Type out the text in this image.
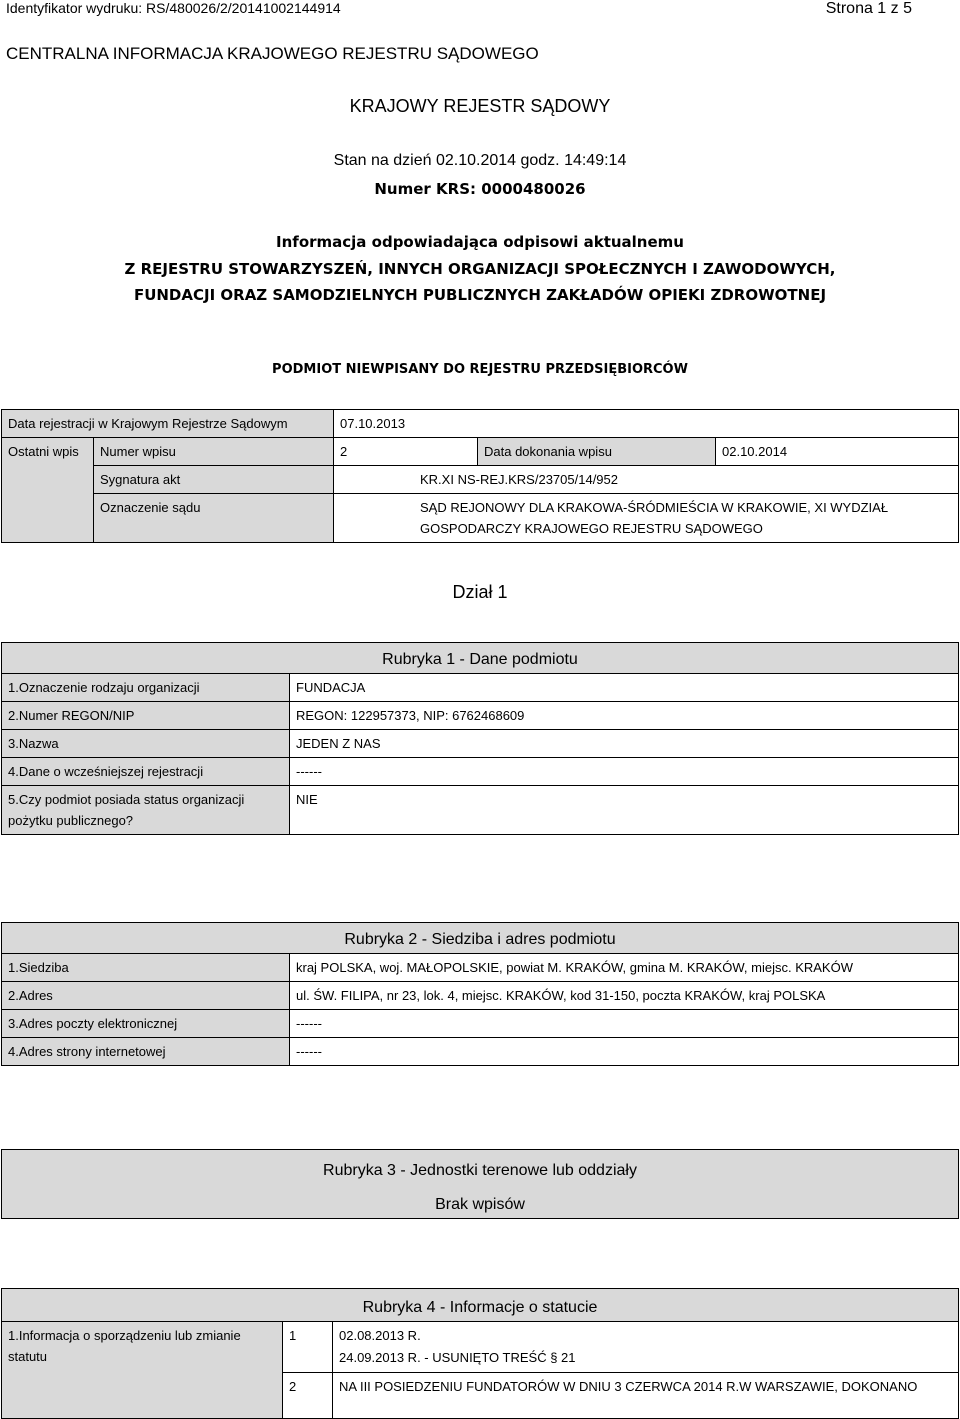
Identyfikator wydruku: RS/480026/2/20141002144914	Strona 1 z 5
CENTRALNA INFORMACJA KRAJOWEGO REJESTRU SĄDOWEGO
KRAJOWY REJESTR SĄDOWY
Stan na dzień 02.10.2014 godz. 14:49:14
Numer KRS: 0000480026
Informacja odpowiadająca odpisowi aktualnemu
Z REJESTRU STOWARZYSZEŃ, INNYCH ORGANIZACJI SPOŁECZNYCH I ZAWODOWYCH,
FUNDACJI ORAZ SAMODZIELNYCH PUBLICZNYCH ZAKŁADÓW OPIEKI ZDROWOTNEJ
PODMIOT NIEWPISANY DO REJESTRU PRZEDSIĘBIORCÓW
Data rejestracji w Krajowym Rejestrze Sądowym		07.10.2013		
Ostatni wpis	Numer wpisu	2	Data dokonania wpisu	02.10.2014
	Sygnatura akt	KR.XI NS-REJ.KRS/23705/14/952		
	Oznaczenie sądu	SĄD REJONOWY DLA KRAKOWA-ŚRÓDMIEŚCIA W KRAKOWIE, XI WYDZIAŁ GOSPODARCZY KRAJOWEGO REJESTRU SĄDOWEGO		
Dział 1
Rubryka 1 - Dane podmiotu	
1.Oznaczenie rodzaju organizacji	FUNDACJA
2.Numer REGON/NIP	REGON: 122957373, NIP: 6762468609
3.Nazwa	JEDEN Z NAS
4.Dane o wcześniejszej rejestracji	------
5.Czy podmiot posiada status organizacji pożytku publicznego?	NIE
Rubryka 2 - Siedziba i adres podmiotu	
1.Siedziba	kraj POLSKA, woj. MAŁOPOLSKIE, powiat M. KRAKÓW, gmina M. KRAKÓW, miejsc. KRAKÓW
2.Adres	ul. ŚW. FILIPA, nr 23, lok. 4, miejsc. KRAKÓW, kod 31-150, poczta KRAKÓW, kraj POLSKA
3.Adres poczty elektronicznej	------
4.Adres strony internetowej	------
Rubryka 3 - Jednostki terenowe lub oddziały
Brak wpisów
Rubryka 4 - Informacje o statucie		
1.Informacja o sporządzeniu lub zmianie statutu	1	02.08.2013 R.
24.09.2013 R. - USUNIĘTO TREŚĆ § 21

	2	NA III POSIEDZENIU FUNDATORÓW W DNIU 3 CZERWCA 2014 R.W WARSZAWIE, DOKONANO
